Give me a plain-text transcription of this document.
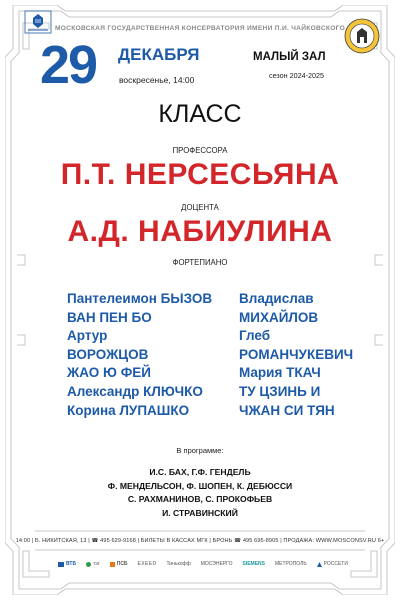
МОСКОВСКАЯ ГОСУДАРСТВЕННАЯ КОНСЕРВАТОРИЯ ИМЕНИ П.И. ЧАЙКОВСКОГО
29 ДЕКАБРЯ
воскресенье, 14:00
МАЛЫЙ ЗАЛ
сезон 2024-2025
КЛАСС
ПРОФЕССОРА
П.Т. НЕРСЕСЬЯНА
ДОЦЕНТА
А.Д. НАБИУЛИНА
ФОРТЕПИАНО
Пантелеимон БЫЗОВ
ВАН ПЕН БО
Артур
ВОРОЖЦОВ
ЖАО Ю ФЕЙ
Александр КЛЮЧКО
Корина ЛУПАШКО
Владислав
МИХАЙЛОВ
Глеб
РОМАНЧУКЕВИЧ
Мария ТКАЧ
ТУ ЦЗИНЬ И
ЧЖАН СИ ТЯН
В программе:
И.С. БАХ, Г.Ф. ГЕНДЕЛЬ
Ф. МЕНДЕЛЬСОН, Ф. ШОПЕН, К. ДЕБЮССИ
С. РАХМАНИНОВ, С. ПРОКОФЬЕВ
И. СТРАВИНСКИЙ
14:00 | Б. НИКИТСКАЯ, 13 | ☎ 495 629-9168 | БИЛЕТЫ В КАССАХ МГК | БРОНЬ ☎ 495 695-8905 | ПРОДАЖА: WWW.MOSCONSV.RU 6+
ВТБ	тэг	ПСБ EXEED Тинькофф МОСЭНЕРГО SIEMENS МЕТРОПОЛЬ	РОССЕТИ
